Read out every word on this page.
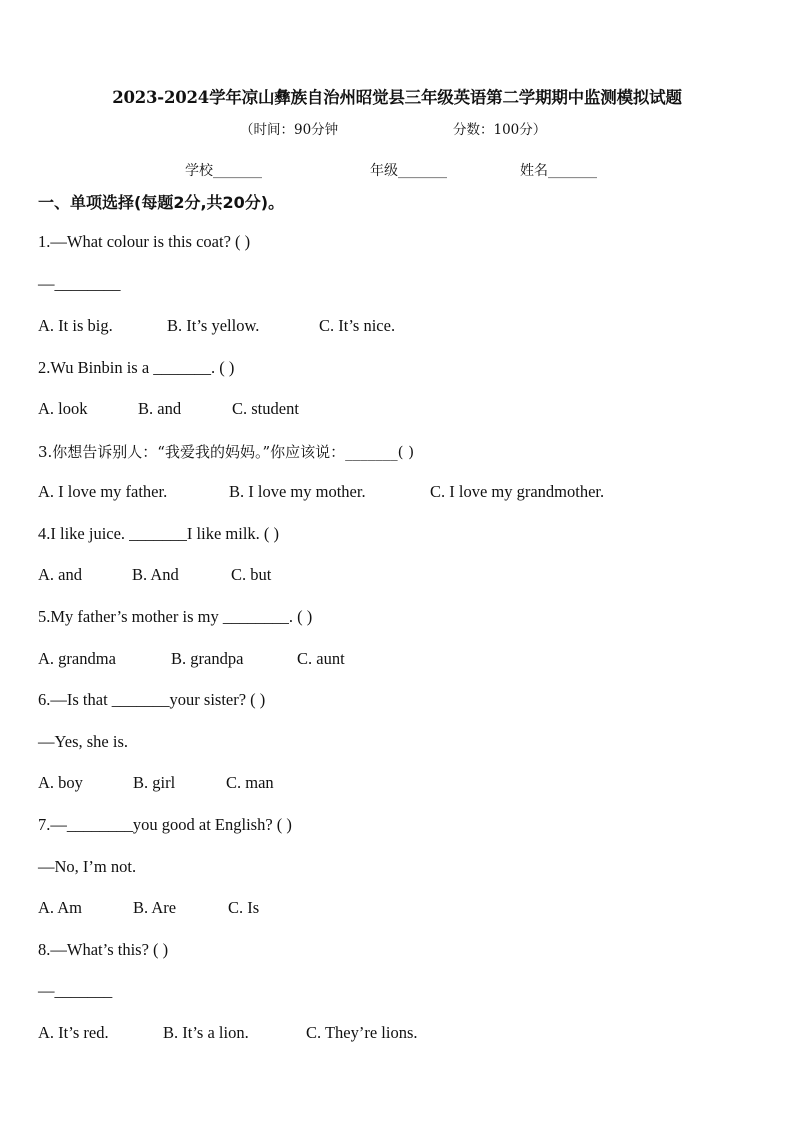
2023-2024学年凉山彝族自治州昭觉县三年级英语第二学期期中监测模拟试题
（时间：90分钟	分数：100分）
学校_______	年级_______	姓名_______
一、单项选择(每题2分,共20分)。
1.—What colour is this coat? ( )
—________
A. It is big.	B. It’s yellow.	C. It’s nice.
2.Wu Binbin is a _______. ( )
A. look	B. and	C. student
3.你想告诉别人：“我爱我的妈妈。”你应该说：_______( )
A. I love my father.	B. I love my mother.	C. I love my grandmother.
4.I like juice. _______I like milk. ( )
A. and	B. And	C. but
5.My father’s mother is my ________. ( )
A. grandma	B. grandpa	C. aunt
6.—Is that _______your sister? ( )
—Yes, she is.
A. boy	B. girl	C. man
7.—________you good at English? ( )
—No, I’m not.
A. Am	B. Are	C. Is
8.—What’s this? ( )
—_______
A. It’s red.	B. It’s a lion.	C. They’re lions.
